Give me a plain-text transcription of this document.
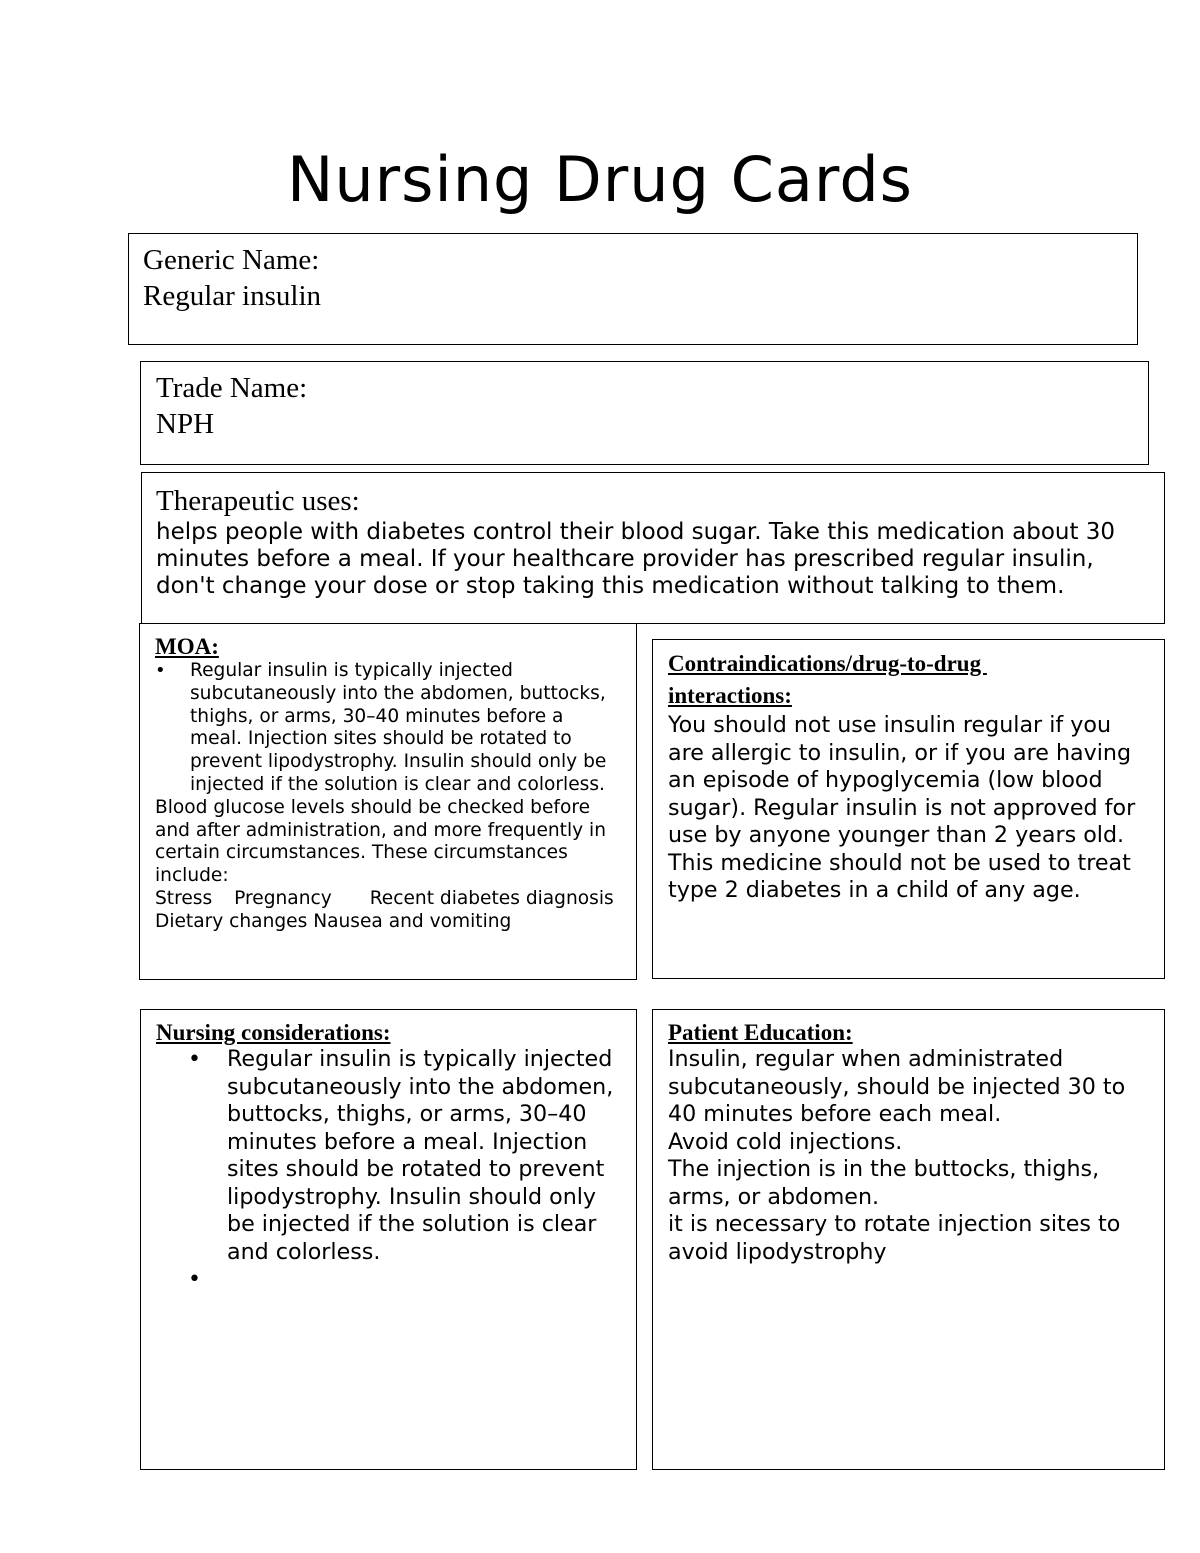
Nursing Drug Cards
Generic Name:
Regular insulin
Trade Name:
NPH
Therapeutic uses:
helps people with diabetes control their blood sugar. Take this medication about 30 minutes before a meal. If your healthcare provider has prescribed regular insulin, don't change your dose or stop taking this medication without talking to them.
MOA:
• Regular insulin is typically injected subcutaneously into the abdomen, buttocks, thighs, or arms, 30–40 minutes before a meal. Injection sites should be rotated to prevent lipodystrophy. Insulin should only be injected if the solution is clear and colorless.

Blood glucose levels should be checked before and after administration, and more frequently in certain circumstances. These circumstances include:

Stress Pregnancy Recent diabetes diagnosis
Dietary changes Nausea and vomiting

Contraindications/drug-to-drug
interactions:
You should not use insulin regular if you are allergic to insulin, or if you are having an episode of hypoglycemia (low blood sugar). Regular insulin is not approved for use by anyone younger than 2 years old. This medicine should not be used to treat type 2 diabetes in a child of any age.
Nursing considerations:
• Regular insulin is typically injected subcutaneously into the abdomen, buttocks, thighs, or arms, 30–40 minutes before a meal. Injection sites should be rotated to prevent lipodystrophy. Insulin should only be injected if the solution is clear and colorless.
•
Patient Education:
Insulin, regular when administrated subcutaneously, should be injected 30 to 40 minutes before each meal.
Avoid cold injections.
The injection is in the buttocks, thighs, arms, or abdomen.
it is necessary to rotate injection sites to avoid lipodystrophy
